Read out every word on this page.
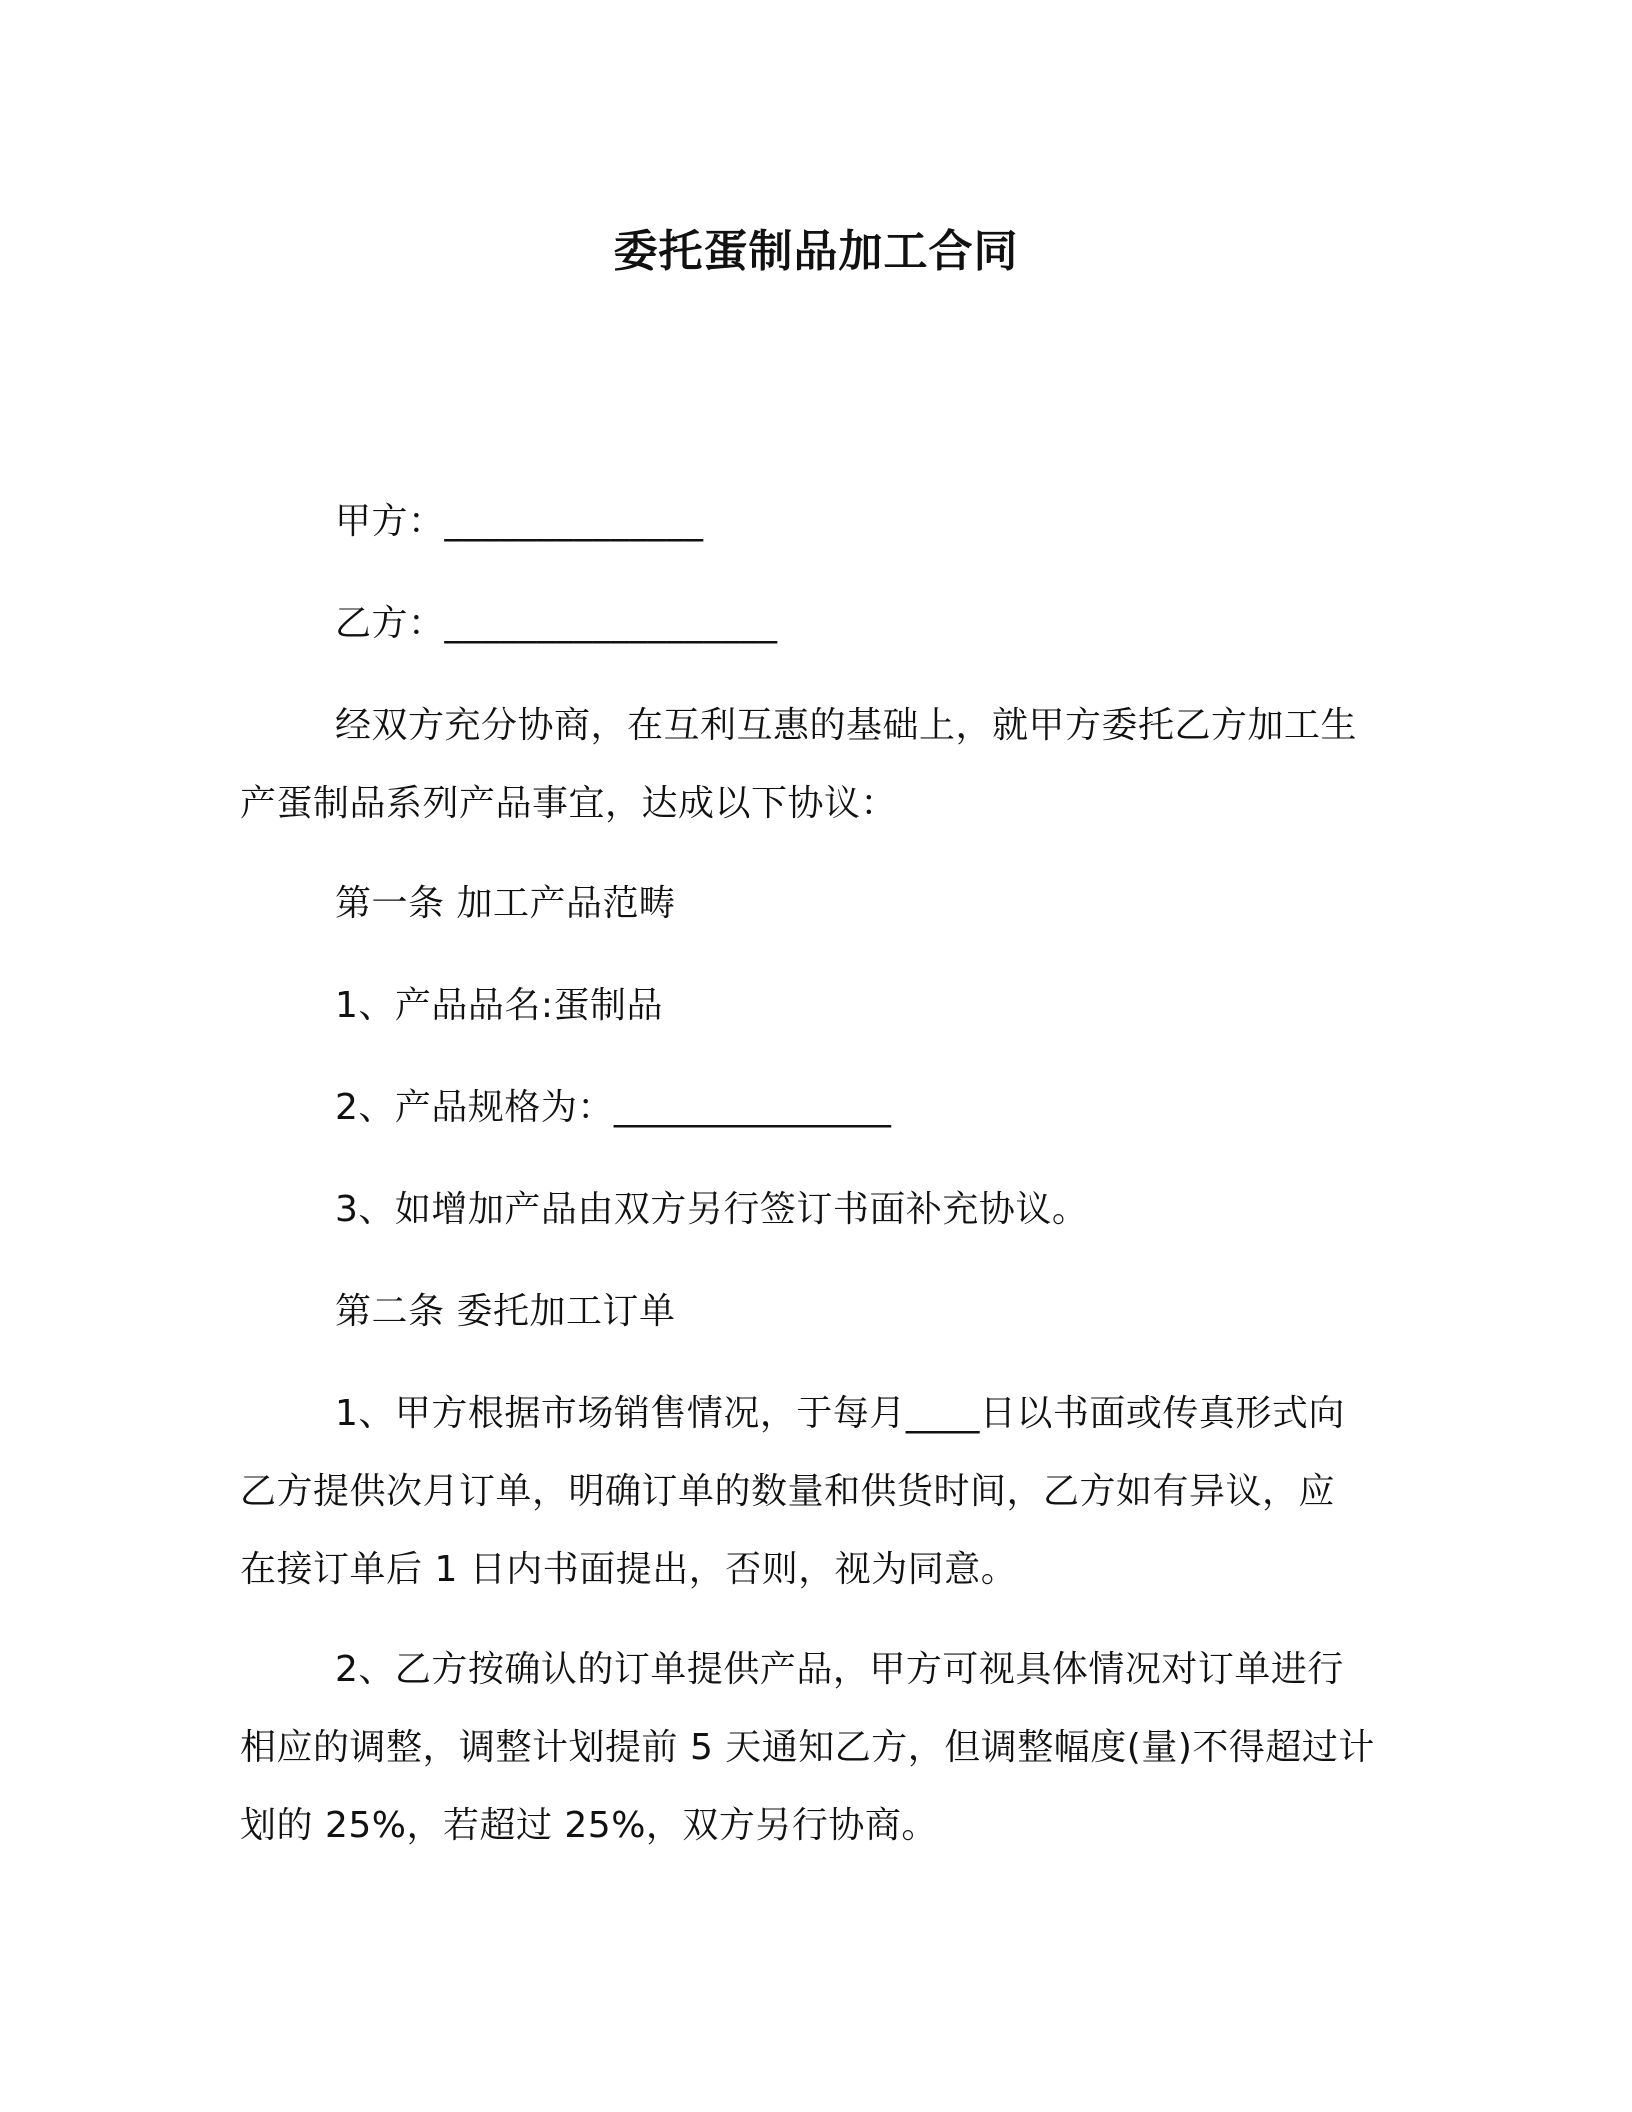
委托蛋制品加工合同
甲方：______________
乙方：__________________
经双方充分协商，在互利互惠的基础上，就甲方委托乙方加工生
产蛋制品系列产品事宜，达成以下协议：
第一条 加工产品范畴
1、产品品名:蛋制品
2、产品规格为：_______________
3、如增加产品由双方另行签订书面补充协议。
第二条 委托加工订单
1、甲方根据市场销售情况，于每月____日以书面或传真形式向
乙方提供次月订单，明确订单的数量和供货时间，乙方如有异议，应
在接订单后 1 日内书面提出，否则，视为同意。
2、乙方按确认的订单提供产品，甲方可视具体情况对订单进行
相应的调整，调整计划提前 5 天通知乙方，但调整幅度(量)不得超过计
划的 25%，若超过 25%，双方另行协商。
